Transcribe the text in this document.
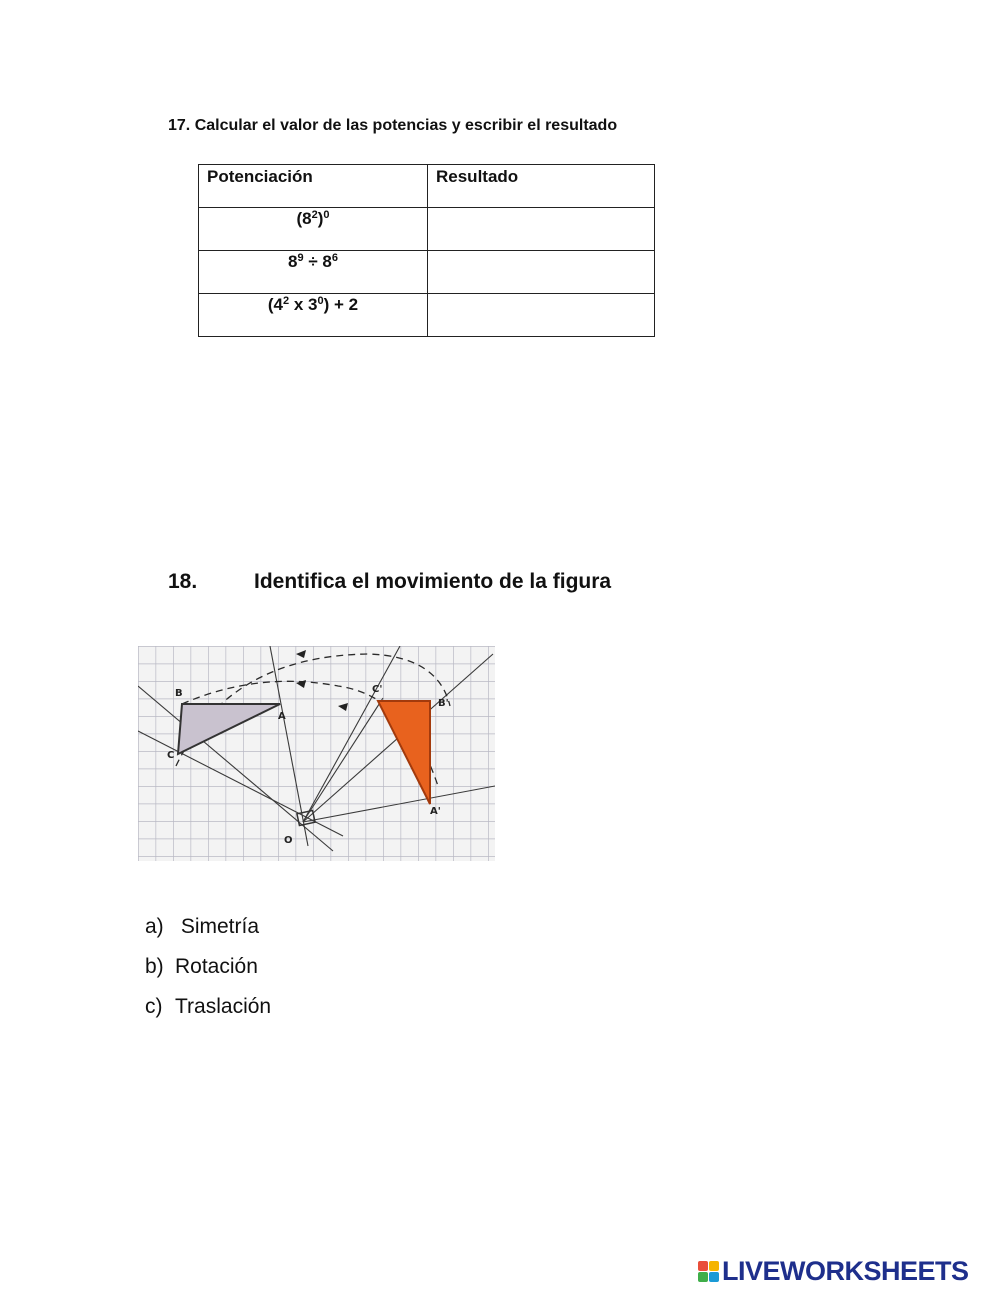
17. Calcular el valor de las potencias y escribir el resultado
Potenciación	Resultado
$(8^2)^0$	
$8^9 \div 8^6$	
($4^2$ x $3^0) + 2$	
18.	Identifica el movimiento de la figura
B
A
C
O
C'
B'
A'
a) Simetría
b) Rotación
c) Traslación
LIVEWORKSHEETS
